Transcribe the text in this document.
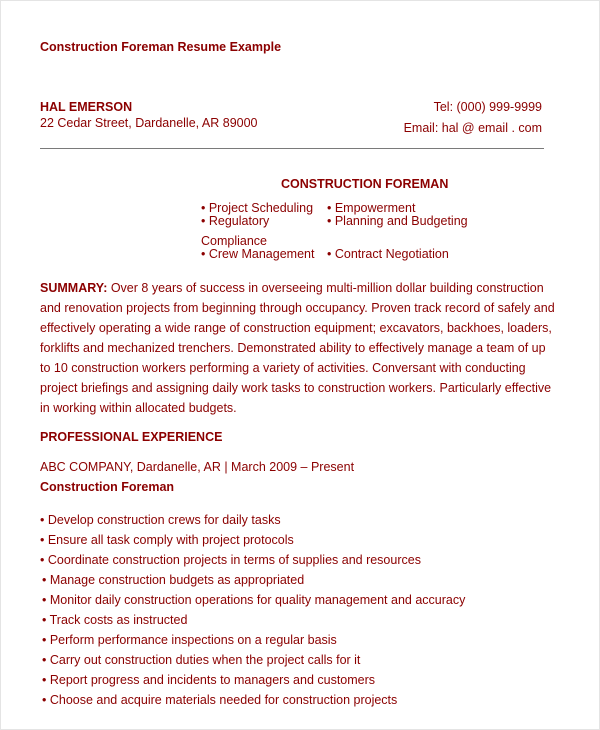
Construction Foreman Resume Example
HAL EMERSON
22 Cedar Street, Dardanelle, AR 89000
Tel: (000) 999-9999
Email: hal @ email . com
CONSTRUCTION FOREMAN
• Project Scheduling • Empowerment
• Regulatory	• Planning and Budgeting
Compliance
• Crew Management • Contract Negotiation
SUMMARY: Over 8 years of success in overseeing multi-million dollar building construction and renovation projects from beginning through occupancy. Proven track record of safely and effectively operating a wide range of construction equipment; excavators, backhoes, loaders, forklifts and mechanized trenchers. Demonstrated ability to effectively manage a team of up to 10 construction workers performing a variety of activities. Conversant with conducting project briefings and assigning daily work tasks to construction workers. Particularly effective in working within allocated budgets.
PROFESSIONAL EXPERIENCE
ABC COMPANY, Dardanelle, AR | March 2009 – Present
Construction Foreman
• Develop construction crews for daily tasks
• Ensure all task comply with project protocols
• Coordinate construction projects in terms of supplies and resources
• Manage construction budgets as appropriated
• Monitor daily construction operations for quality management and accuracy
• Track costs as instructed
• Perform performance inspections on a regular basis
• Carry out construction duties when the project calls for it
• Report progress and incidents to managers and customers
• Choose and acquire materials needed for construction projects
